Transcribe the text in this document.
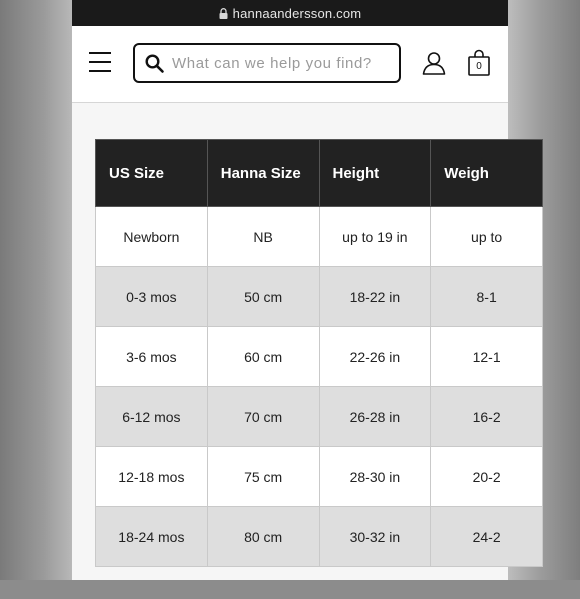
hannaandersson.com
What can we help you find?
0
US Size	Hanna Size	Height	Weigh
Newborn	NB	up to 19 in	up to
0-3 mos	50 cm	18-22 in	8-1
3-6 mos	60 cm	22-26 in	12-1
6-12 mos	70 cm	26-28 in	16-2
12-18 mos	75 cm	28-30 in	20-2
18-24 mos	80 cm	30-32 in	24-2
